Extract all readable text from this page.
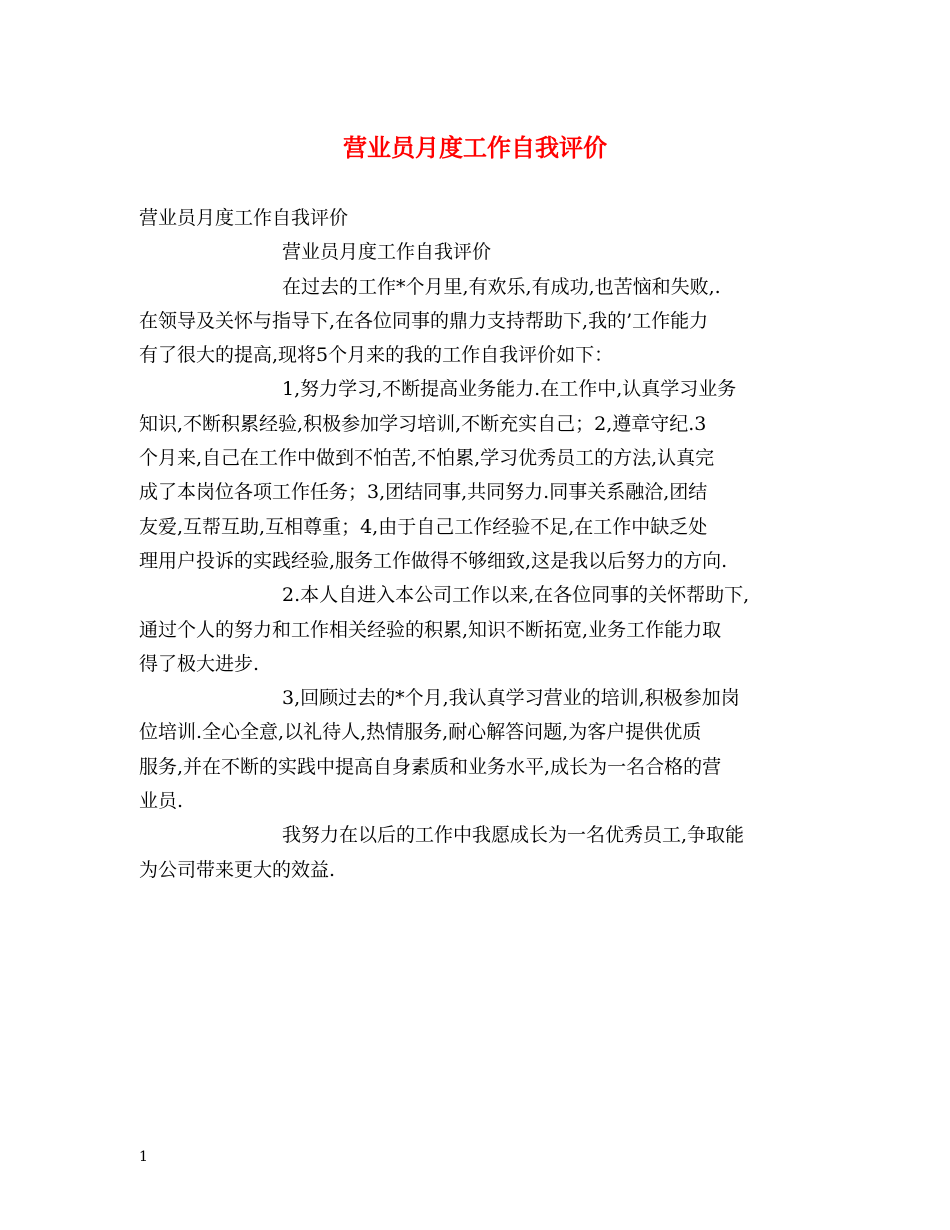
营业员月度工作自我评价

营业员月度工作自我评价

营业员月度工作自我评价

在过去的工作*个月里,有欢乐,有成功,也苦恼和失败,.

在领导及关怀与指导下,在各位同事的鼎力支持帮助下,我的’工作能力

有了很大的提高,现将5个月来的我的工作自我评价如下：

1,努力学习,不断提高业务能力.在工作中,认真学习业务

知识,不断积累经验,积极参加学习培训,不断充实自己；2,遵章守纪.3

个月来,自己在工作中做到不怕苦,不怕累,学习优秀员工的方法,认真完

成了本岗位各项工作任务；3,团结同事,共同努力.同事关系融洽,团结

友爱,互帮互助,互相尊重；4,由于自己工作经验不足,在工作中缺乏处

理用户投诉的实践经验,服务工作做得不够细致,这是我以后努力的方向.

2.本人自进入本公司工作以来,在各位同事的关怀帮助下,

通过个人的努力和工作相关经验的积累,知识不断拓宽,业务工作能力取

得了极大进步.

3,回顾过去的*个月,我认真学习营业的培训,积极参加岗

位培训.全心全意,以礼待人,热情服务,耐心解答问题,为客户提供优质

服务,并在不断的实践中提高自身素质和业务水平,成长为一名合格的营

业员.

我努力在以后的工作中我愿成长为一名优秀员工,争取能

为公司带来更大的效益.

1
